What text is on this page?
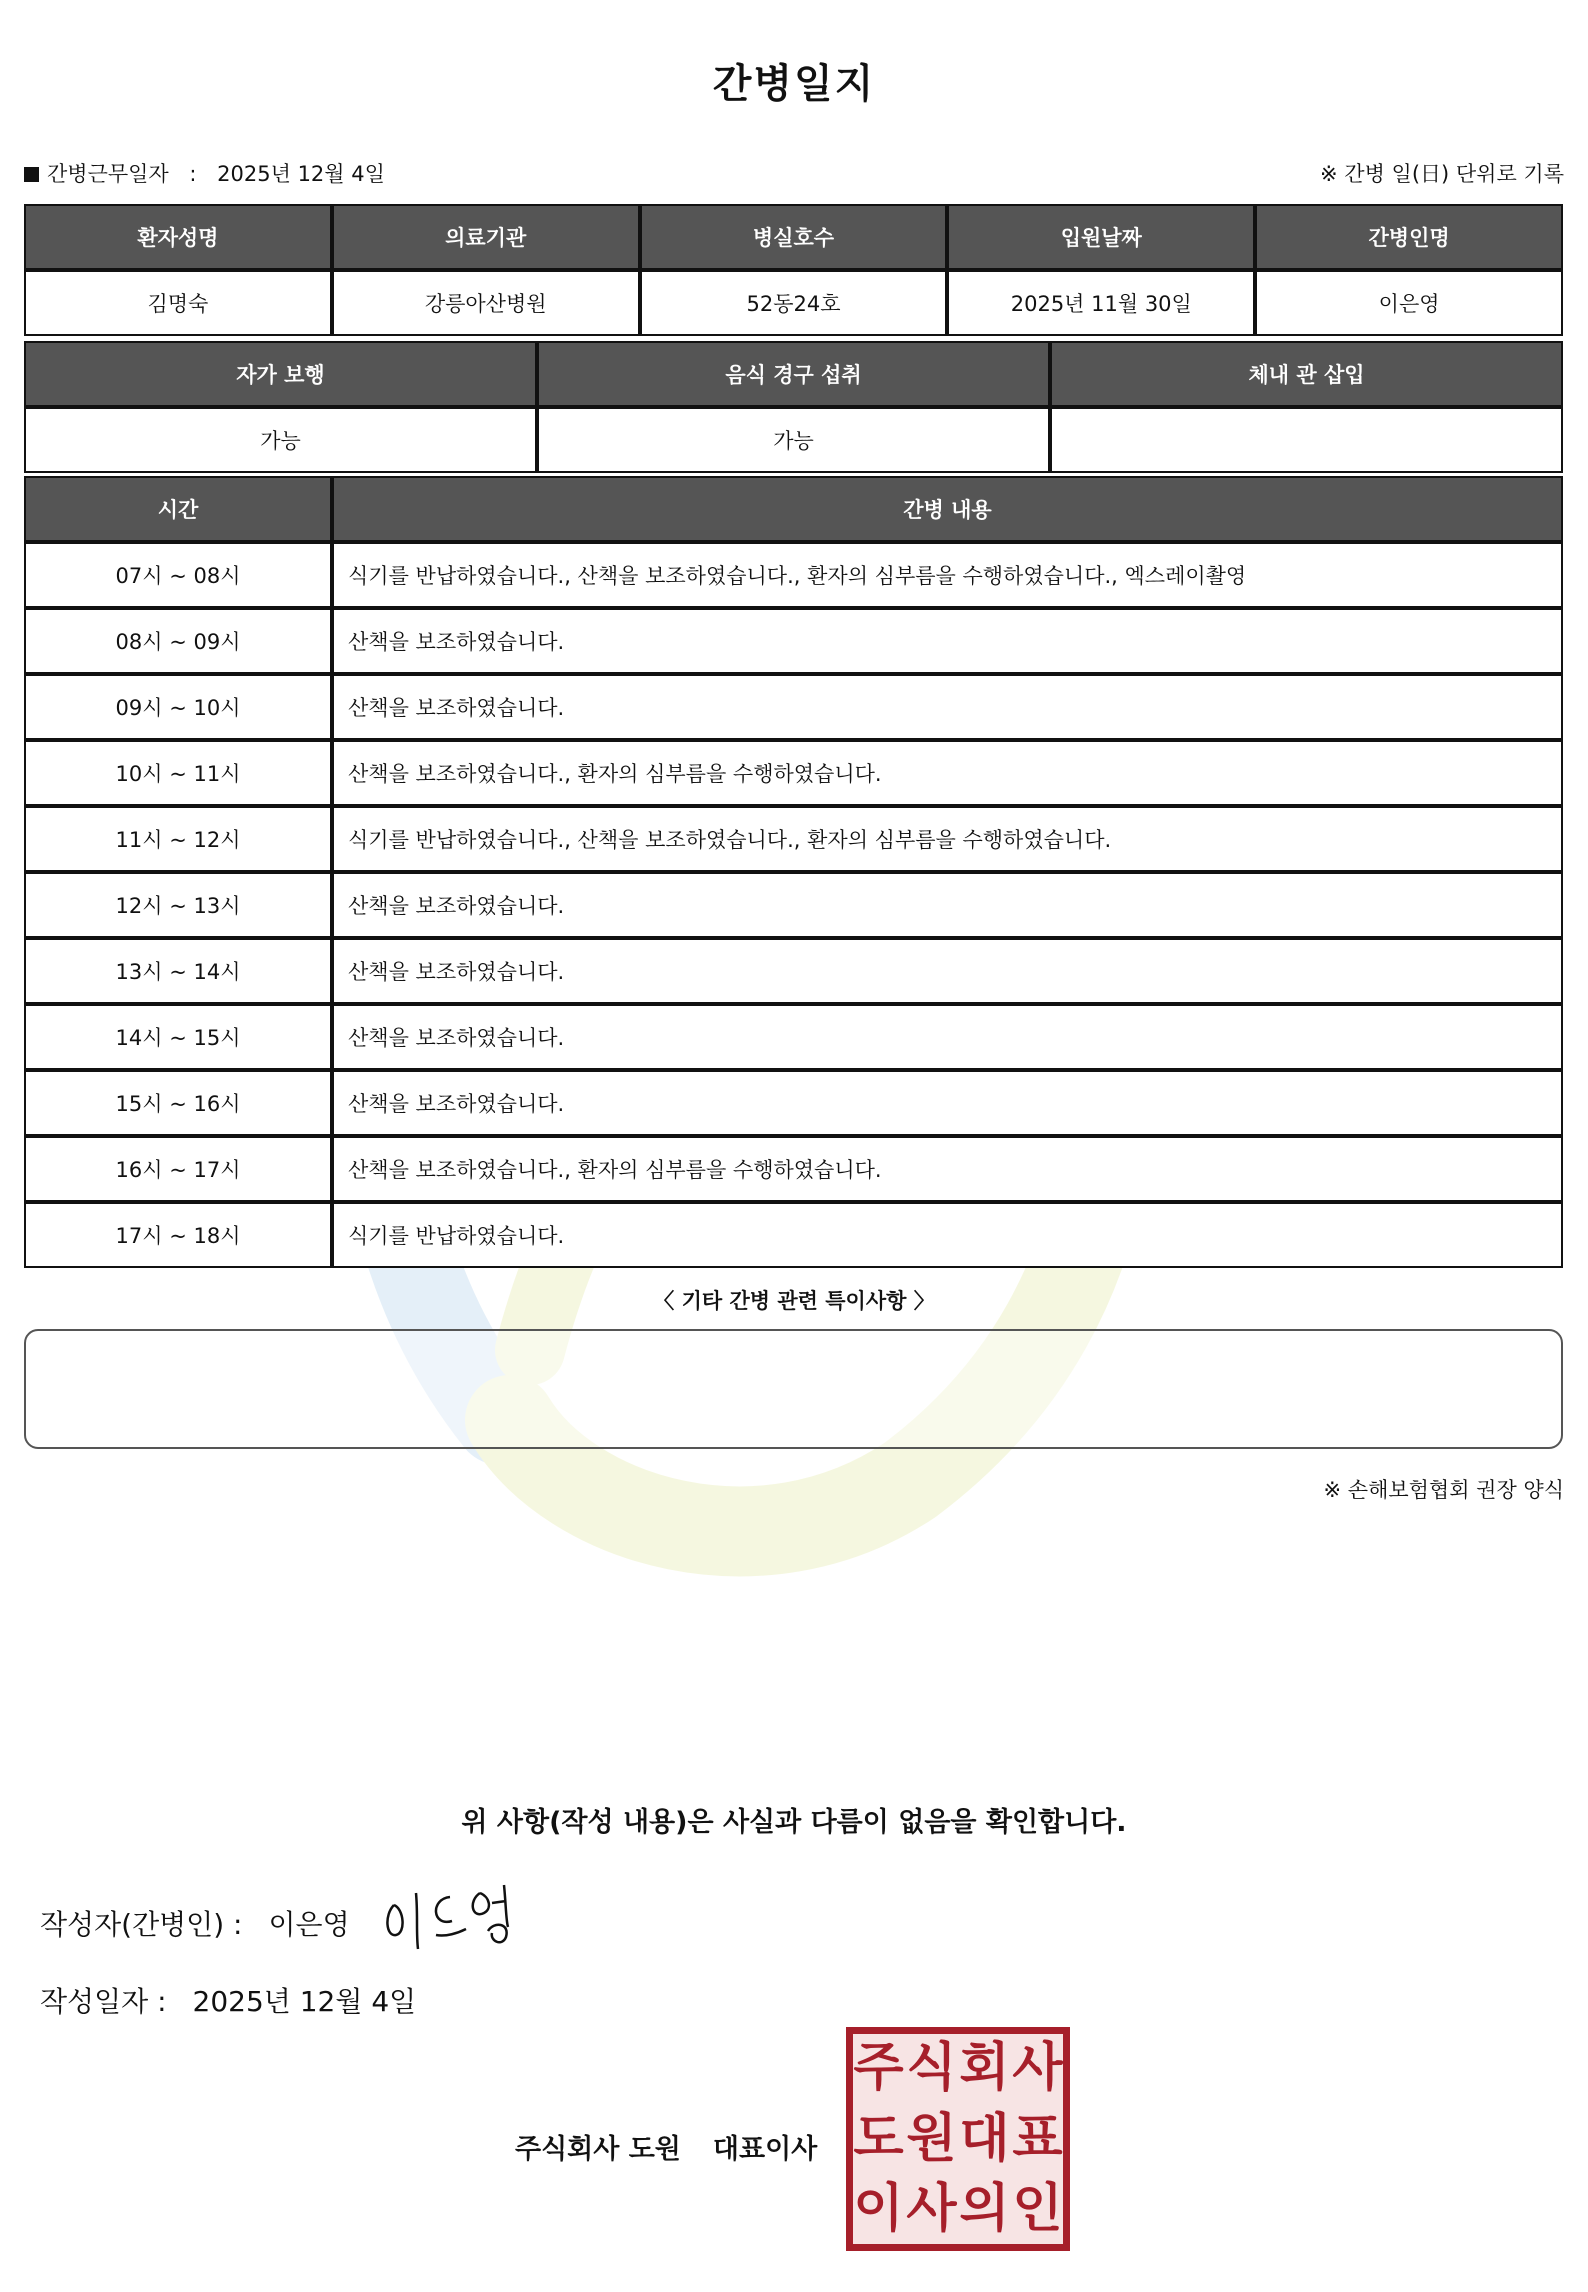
간병일지
간병근무일자 : 2025년 12월 4일	※ 간병 일(日) 단위로 기록
환자성명	의료기관	병실호수	입원날짜	간병인명
김명숙	강릉아산병원	52동24호	2025년 11월 30일	이은영
자가 보행	음식 경구 섭취	체내 관 삽입
가능	가능	
시간	간병 내용
07시 ~ 08시	식기를 반납하였습니다., 산책을 보조하였습니다., 환자의 심부름을 수행하였습니다., 엑스레이촬영
08시 ~ 09시	산책을 보조하였습니다.
09시 ~ 10시	산책을 보조하였습니다.
10시 ~ 11시	산책을 보조하였습니다., 환자의 심부름을 수행하였습니다.
11시 ~ 12시	식기를 반납하였습니다., 산책을 보조하였습니다., 환자의 심부름을 수행하였습니다.
12시 ~ 13시	산책을 보조하였습니다.
13시 ~ 14시	산책을 보조하였습니다.
14시 ~ 15시	산책을 보조하였습니다.
15시 ~ 16시	산책을 보조하였습니다.
16시 ~ 17시	산책을 보조하였습니다., 환자의 심부름을 수행하였습니다.
17시 ~ 18시	식기를 반납하였습니다.
〈 기타 간병 관련 특이사항 〉
※ 손해보험협회 권장 양식
위 사항(작성 내용)은 사실과 다름이 없음을 확인합니다.
작성자(간병인) : 이은영
작성일자 : 2025년 12월 4일
주식회사 도원 대표이사
주 식 회 사
도 원 대 표
이 사 의 인
